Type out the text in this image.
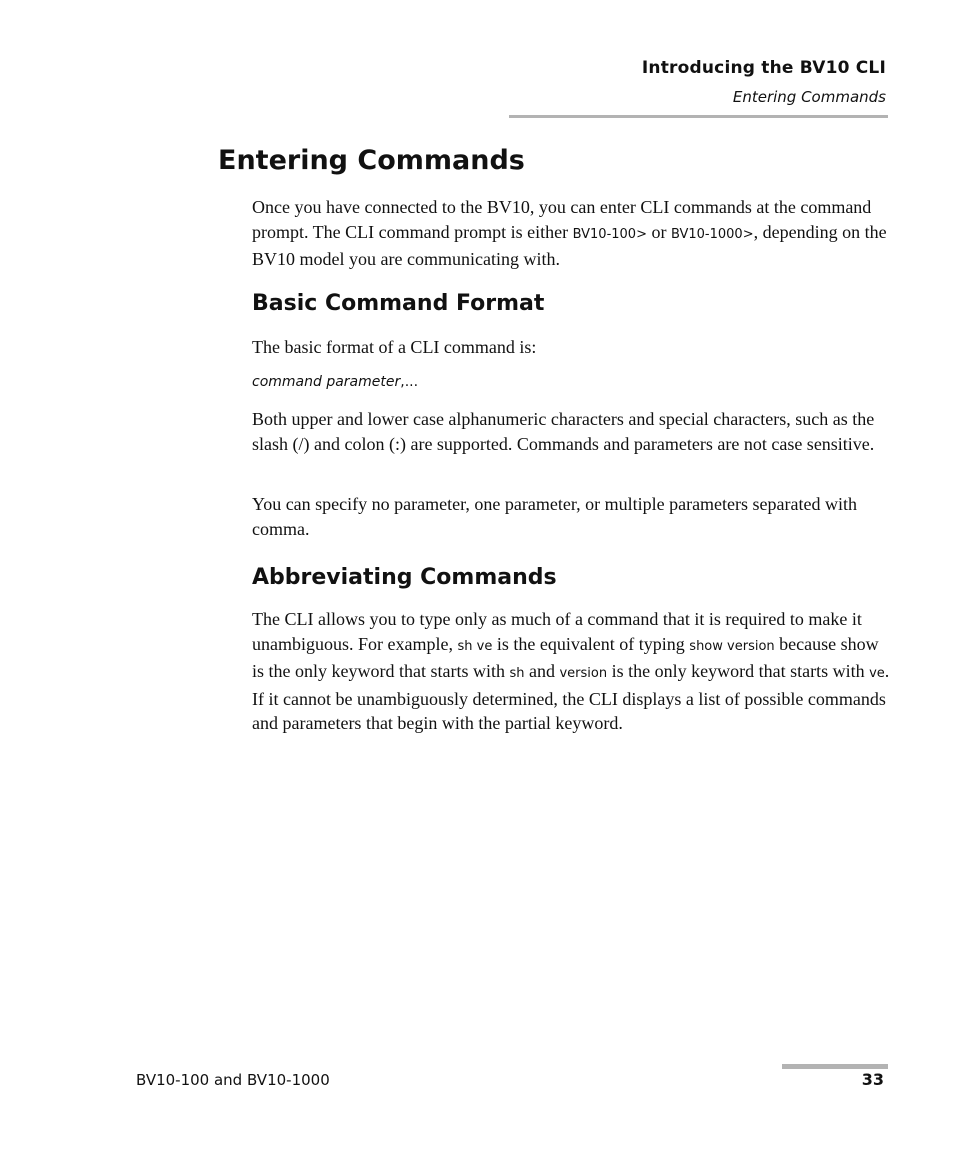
Introducing the BV10 CLI
Entering Commands
Entering Commands
Once you have connected to the BV10, you can enter CLI commands at the command prompt. The CLI command prompt is either BV10-100> or BV10-1000>, depending on the BV10 model you are communicating with.
Basic Command Format
The basic format of a CLI command is:
command parameter,...
Both upper and lower case alphanumeric characters and special characters, such as the slash (/) and colon (:) are supported. Commands and parameters are not case sensitive.
You can specify no parameter, one parameter, or multiple parameters separated with comma.
Abbreviating Commands
The CLI allows you to type only as much of a command that it is required to make it unambiguous. For example, sh ve is the equivalent of typing show version because show is the only keyword that starts with sh and version is the only keyword that starts with ve. If it cannot be unambiguously determined, the CLI displays a list of possible commands and parameters that begin with the partial keyword.
BV10-100 and BV10-1000	33
